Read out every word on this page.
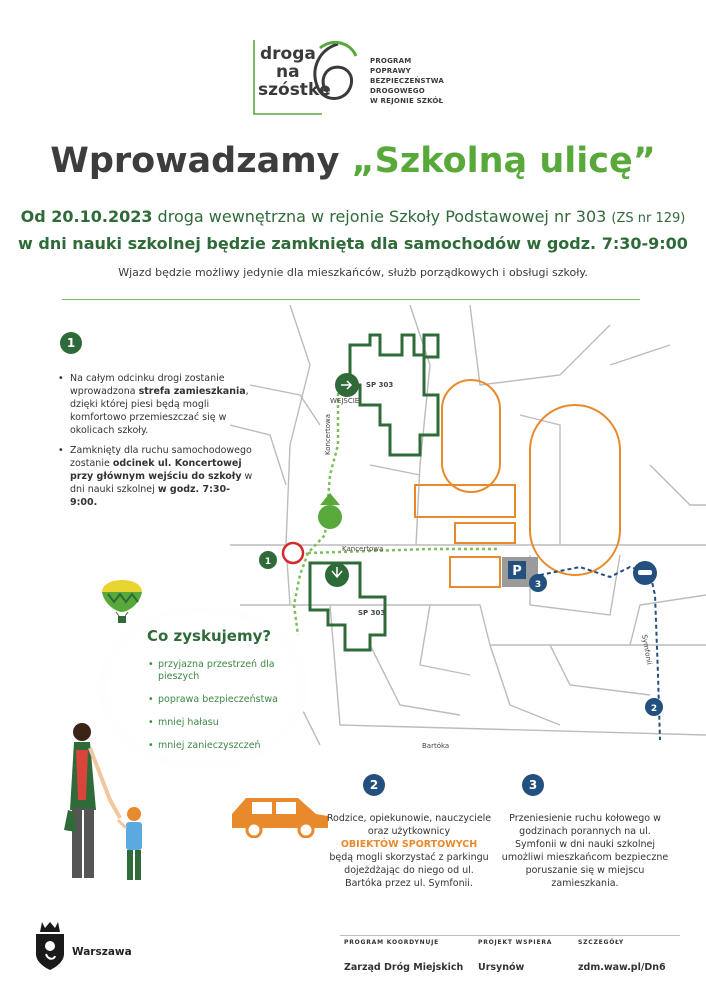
droga
na
szóstkę
PROGRAM POPRAWY
BEZPIECZEŃSTWA
DROGOWEGO
W REJONIE SZKÓŁ
Wprowadzamy „Szkolną ulicę”
Od 20.10.2023 droga wewnętrzna w rejonie Szkoły Podstawowej nr 303 (ZS nr 129)
w dni nauki szkolnej będzie zamknięta dla samochodów w godz. 7:30-9:00
Wjazd będzie możliwy jedynie dla mieszkańców, służb porządkowych i obsługi szkoły.
P
1
2
3
SP 303
SP 303
WEJŚCIE
Kancertowa
Koncertowa
Symfonii
Bartóka
1
• Na całym odcinku drogi zostanie wprowadzona strefa zamieszkania, dzięki której piesi będą mogli komfortowo przemieszczać się w okolicach szkoły.
• Zamknięty dla ruchu samochodowego zostanie odcinek ul. Koncertowej przy głównym wejściu do szkoły w dni nauki szkolnej w godz. 7:30-9:00.
Co zyskujemy?
• przyjazna przestrzeń dla pieszych
• poprawa bezpieczeństwa
• mniej hałasu
• mniej zanieczyszczeń
2
Rodzice, opiekunowie, nauczyciele oraz użytkownicy
OBIEKTÓW SPORTOWYCH
będą mogli skorzystać z parkingu dojeżdżając do niego od ul. Bartóka przez ul. Symfonii.
3
Przeniesienie ruchu kołowego w godzinach porannych na ul. Symfonii w dni nauki szkolnej umożliwi mieszkańcom bezpieczne poruszanie się w miejscu zamieszkania.
Warszawa
PROGRAM KOORDYNUJE
Zarząd Dróg Miejskich
PROJEKT WSPIERA
Ursynów
SZCZEGÓŁY
zdm.waw.pl/Dn6
